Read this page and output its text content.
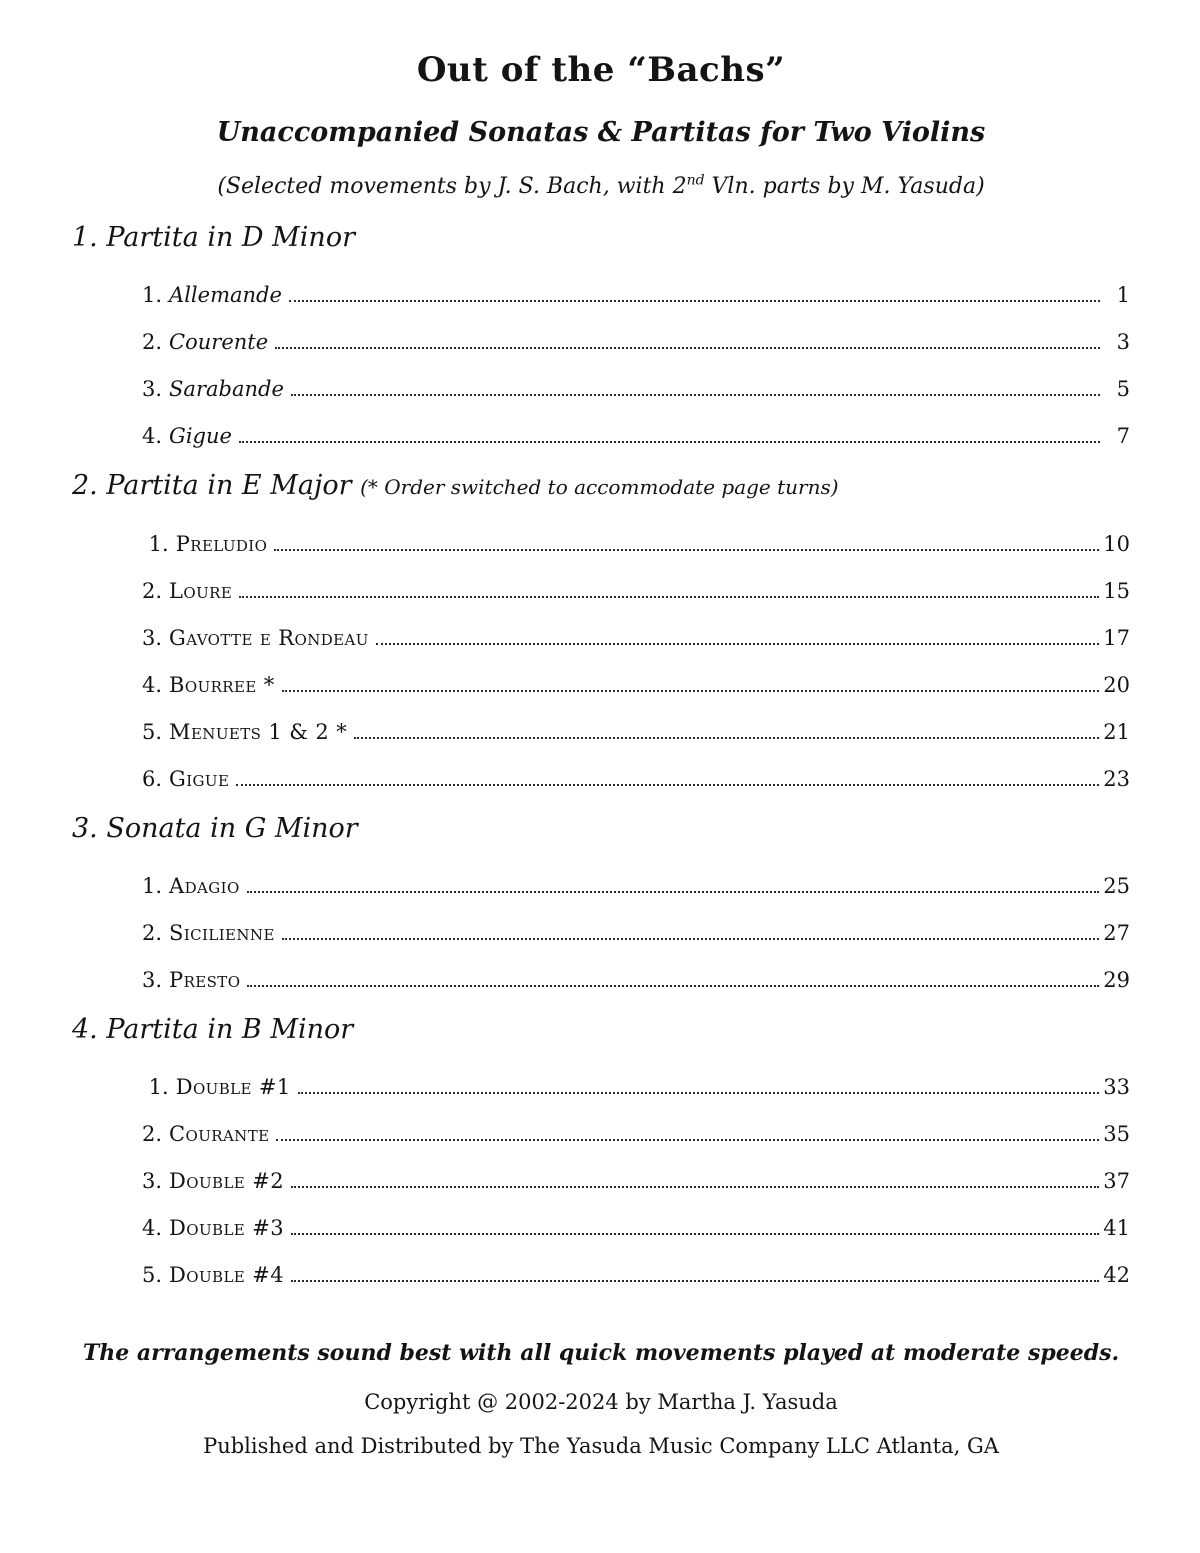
Out of the “Bachs”
Unaccompanied Sonatas & Partitas for Two Violins

(Selected movements by J. S. Bach, with 2nd Vln. parts by M. Yasuda)

1. Partita in D Minor
1. Allemande	1
2. Courente	3
3. Sarabande	5
4. Gigue	7
2. Partita in E Major (* Order switched to accommodate page turns)
1. Preludio	10
2. Loure	15
3. Gavotte e Rondeau	17
4. Bourree *	20
5. Menuets 1 & 2 *	21
6. Gigue	23
3. Sonata in G Minor
1. Adagio	25
2. Sicilienne	27
3. Presto	29
4. Partita in B Minor
1. Double #1	33
2. Courante	35
3. Double #2	37
4. Double #3	41
5. Double #4	42

The arrangements sound best with all quick movements played at moderate speeds.

Copyright @ 2002-2024 by Martha J. Yasuda

Published and Distributed by The Yasuda Music Company LLC Atlanta, GA
